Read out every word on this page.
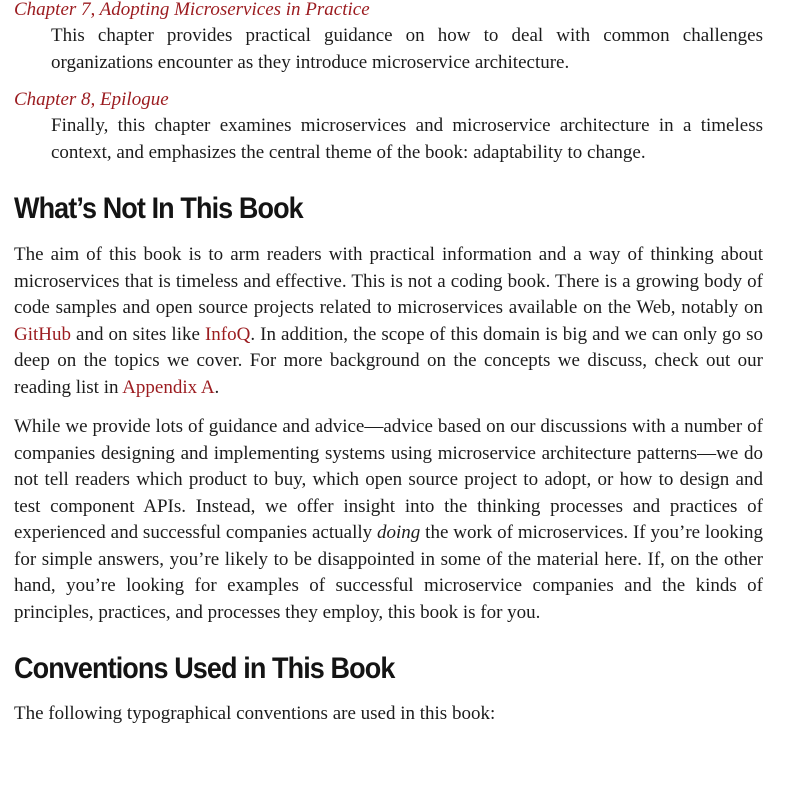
Chapter 7, Adopting Microservices in Practice

This chapter provides practical guidance on how to deal with common challenges organizations encounter as they introduce microservice architecture.

Chapter 8, Epilogue

Finally, this chapter examines microservices and microservice architecture in a timeless context, and emphasizes the central theme of the book: adaptability to change.

What’s Not In This Book

The aim of this book is to arm readers with practical information and a way of thinking about microservices that is timeless and effective. This is not a coding book. There is a growing body of code samples and open source projects related to microservices available on the Web, notably on GitHub and on sites like InfoQ. In addition, the scope of this domain is big and we can only go so deep on the topics we cover. For more background on the concepts we discuss, check out our reading list in Appendix A.

While we provide lots of guidance and advice—advice based on our discussions with a number of companies designing and implementing systems using microservice architecture patterns—we do not tell readers which product to buy, which open source project to adopt, or how to design and test component APIs. Instead, we offer insight into the thinking processes and practices of experienced and successful companies actually doing the work of microservices. If you’re looking for simple answers, you’re likely to be disappointed in some of the material here. If, on the other hand, you’re looking for examples of successful microservice companies and the kinds of principles, practices, and processes they employ, this book is for you.

Conventions Used in This Book

The following typographical conventions are used in this book:
